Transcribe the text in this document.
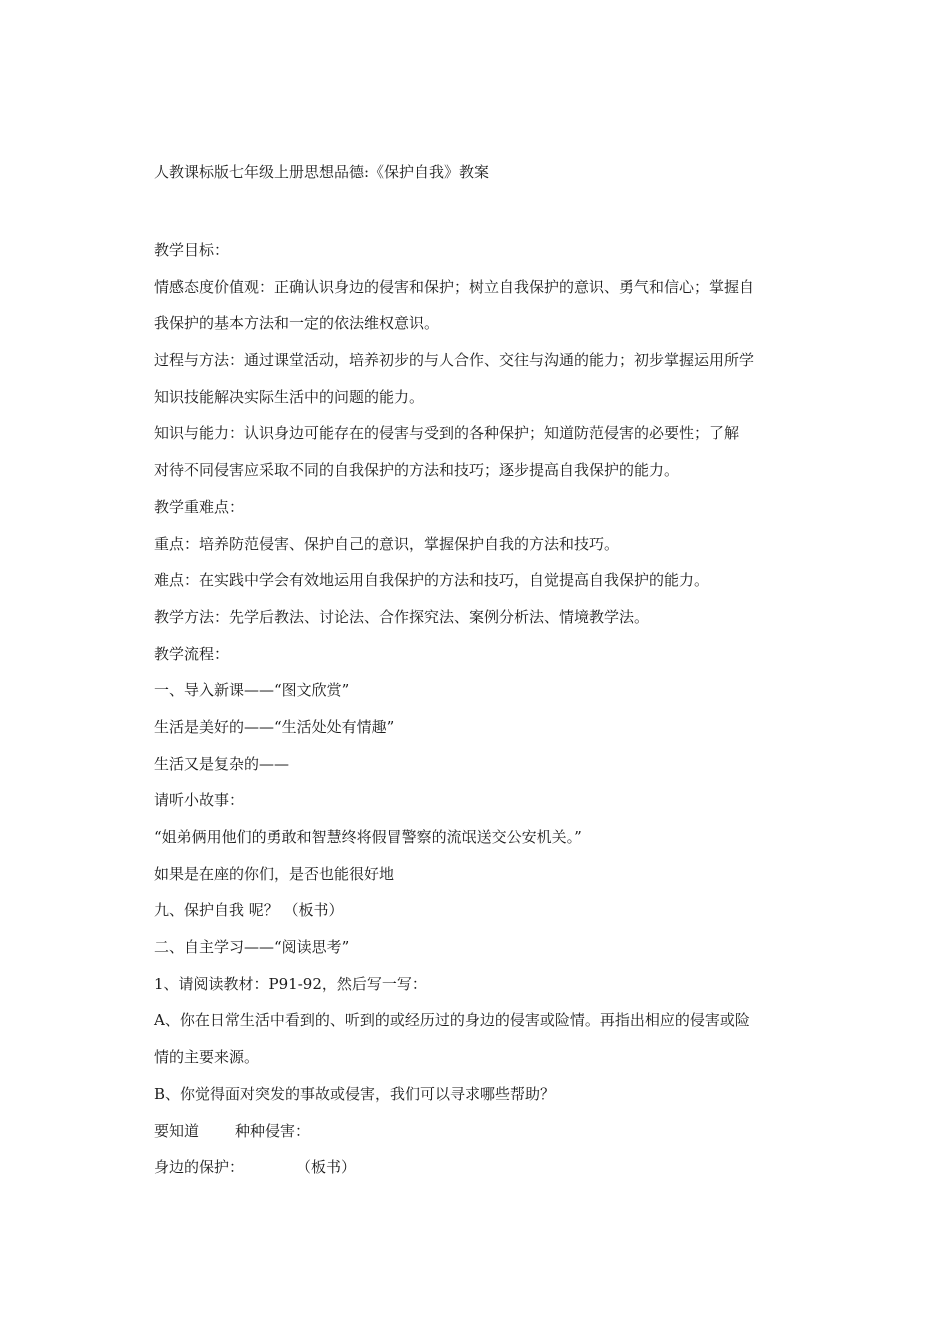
人教课标版七年级上册思想品德:《保护自我》教案
教学目标：
情感态度价值观：正确认识身边的侵害和保护；树立自我保护的意识、勇气和信心；掌握自
我保护的基本方法和一定的依法维权意识。
过程与方法：通过课堂活动，培养初步的与人合作、交往与沟通的能力；初步掌握运用所学
知识技能解决实际生活中的问题的能力。
知识与能力：认识身边可能存在的侵害与受到的各种保护；知道防范侵害的必要性；了解
对待不同侵害应采取不同的自我保护的方法和技巧；逐步提高自我保护的能力。
教学重难点：
重点：培养防范侵害、保护自己的意识，掌握保护自我的方法和技巧。
难点：在实践中学会有效地运用自我保护的方法和技巧，自觉提高自我保护的能力。
教学方法：先学后教法、讨论法、合作探究法、案例分析法、情境教学法。
教学流程：
一、导入新课——“图文欣赏”
生活是美好的——“生活处处有情趣”
生活又是复杂的——
请听小故事：
“姐弟俩用他们的勇敢和智慧终将假冒警察的流氓送交公安机关。”
如果是在座的你们，是否也能很好地
九、保护自我 呢？ （板书）
二、自主学习——“阅读思考”
1、请阅读教材：P91-92，然后写一写：
A、你在日常生活中看到的、听到的或经历过的身边的侵害或险情。再指出相应的侵害或险
情的主要来源。
B、你觉得面对突发的事故或侵害，我们可以寻求哪些帮助？
要知道 种种侵害：
身边的保护：	（板书）
